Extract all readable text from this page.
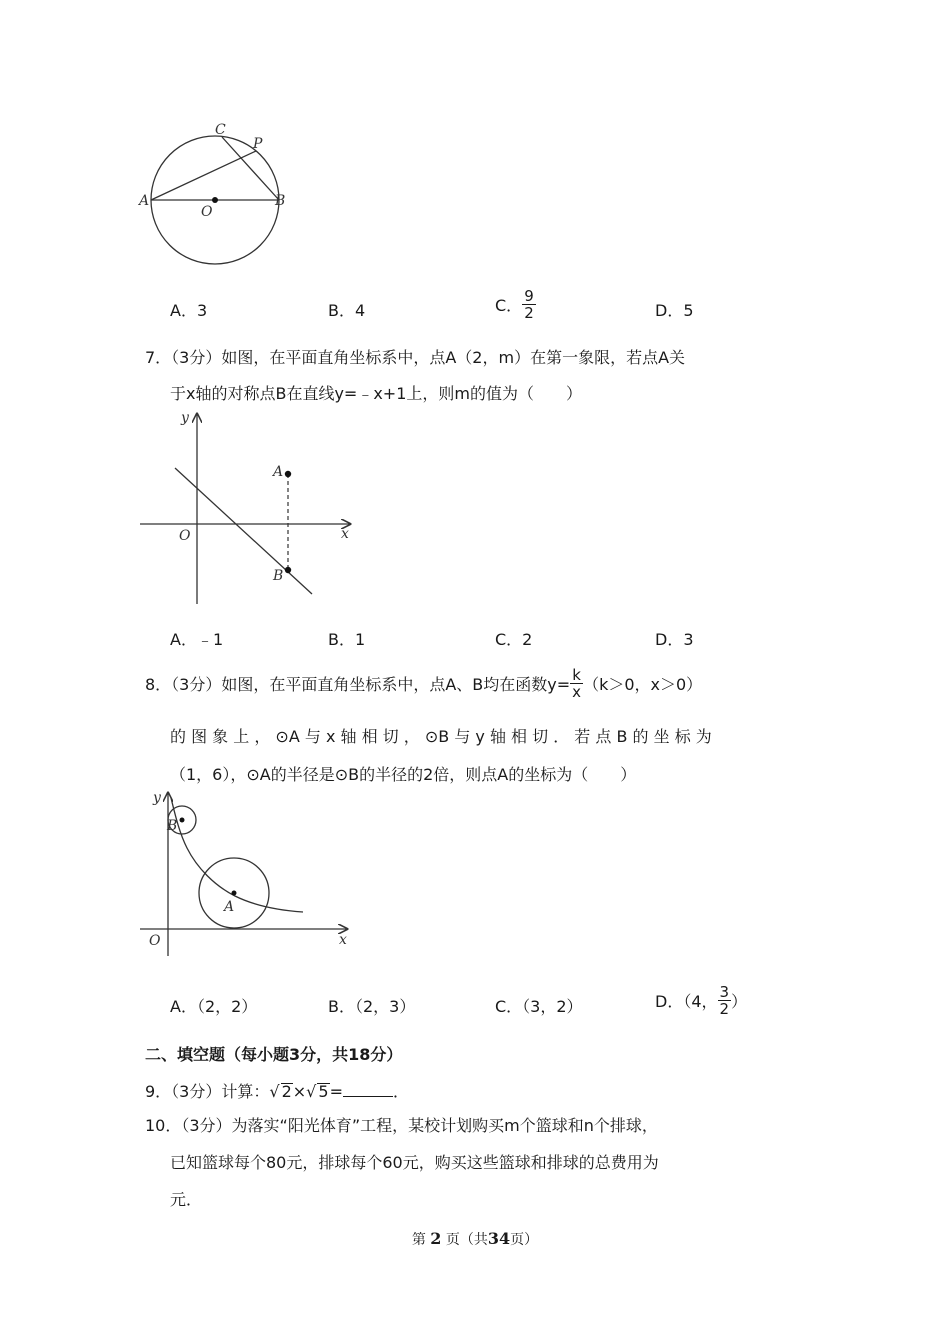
C
P
A
O
B
A．3	B．4	C． $\frac{9}{2}$	D．5
7．（3分）如图，在平面直角坐标系中，点A（2，m）在第一象限，若点A关
于x轴的对称点B在直线y=﹣x+1上，则m的值为（　　）
y
A
O	x
B
A．﹣1	B．1	C．2	D．3
8．（3分）如图，在平面直角坐标系中，点A、B均在函数$y= \frac{k}{x} (k>0$，x＞0）
的 图 象 上 ， ⊙A 与 x 轴 相 切 ， ⊙B 与 y 轴 相 切 ． 若 点 B 的 坐 标 为
（1，6），⊙A的半径是⊙B的半径的2倍，则点A的坐标为（　　）
y
B
A
O	x
A．（2，2）	B．（2，3）	C．（3，2）	D．（4， $\frac{3}{2}$ ）
二、填空题（每小题3分，共18分）
9．（3分）计算：√ 2×√ 5=	．
10．（3分）为落实“阳光体育”工程，某校计划购买m个篮球和n个排球，
已知篮球每个80元，排球每个60元，购买这些篮球和排球的总费用为
元．
第 2 页（共34页）
